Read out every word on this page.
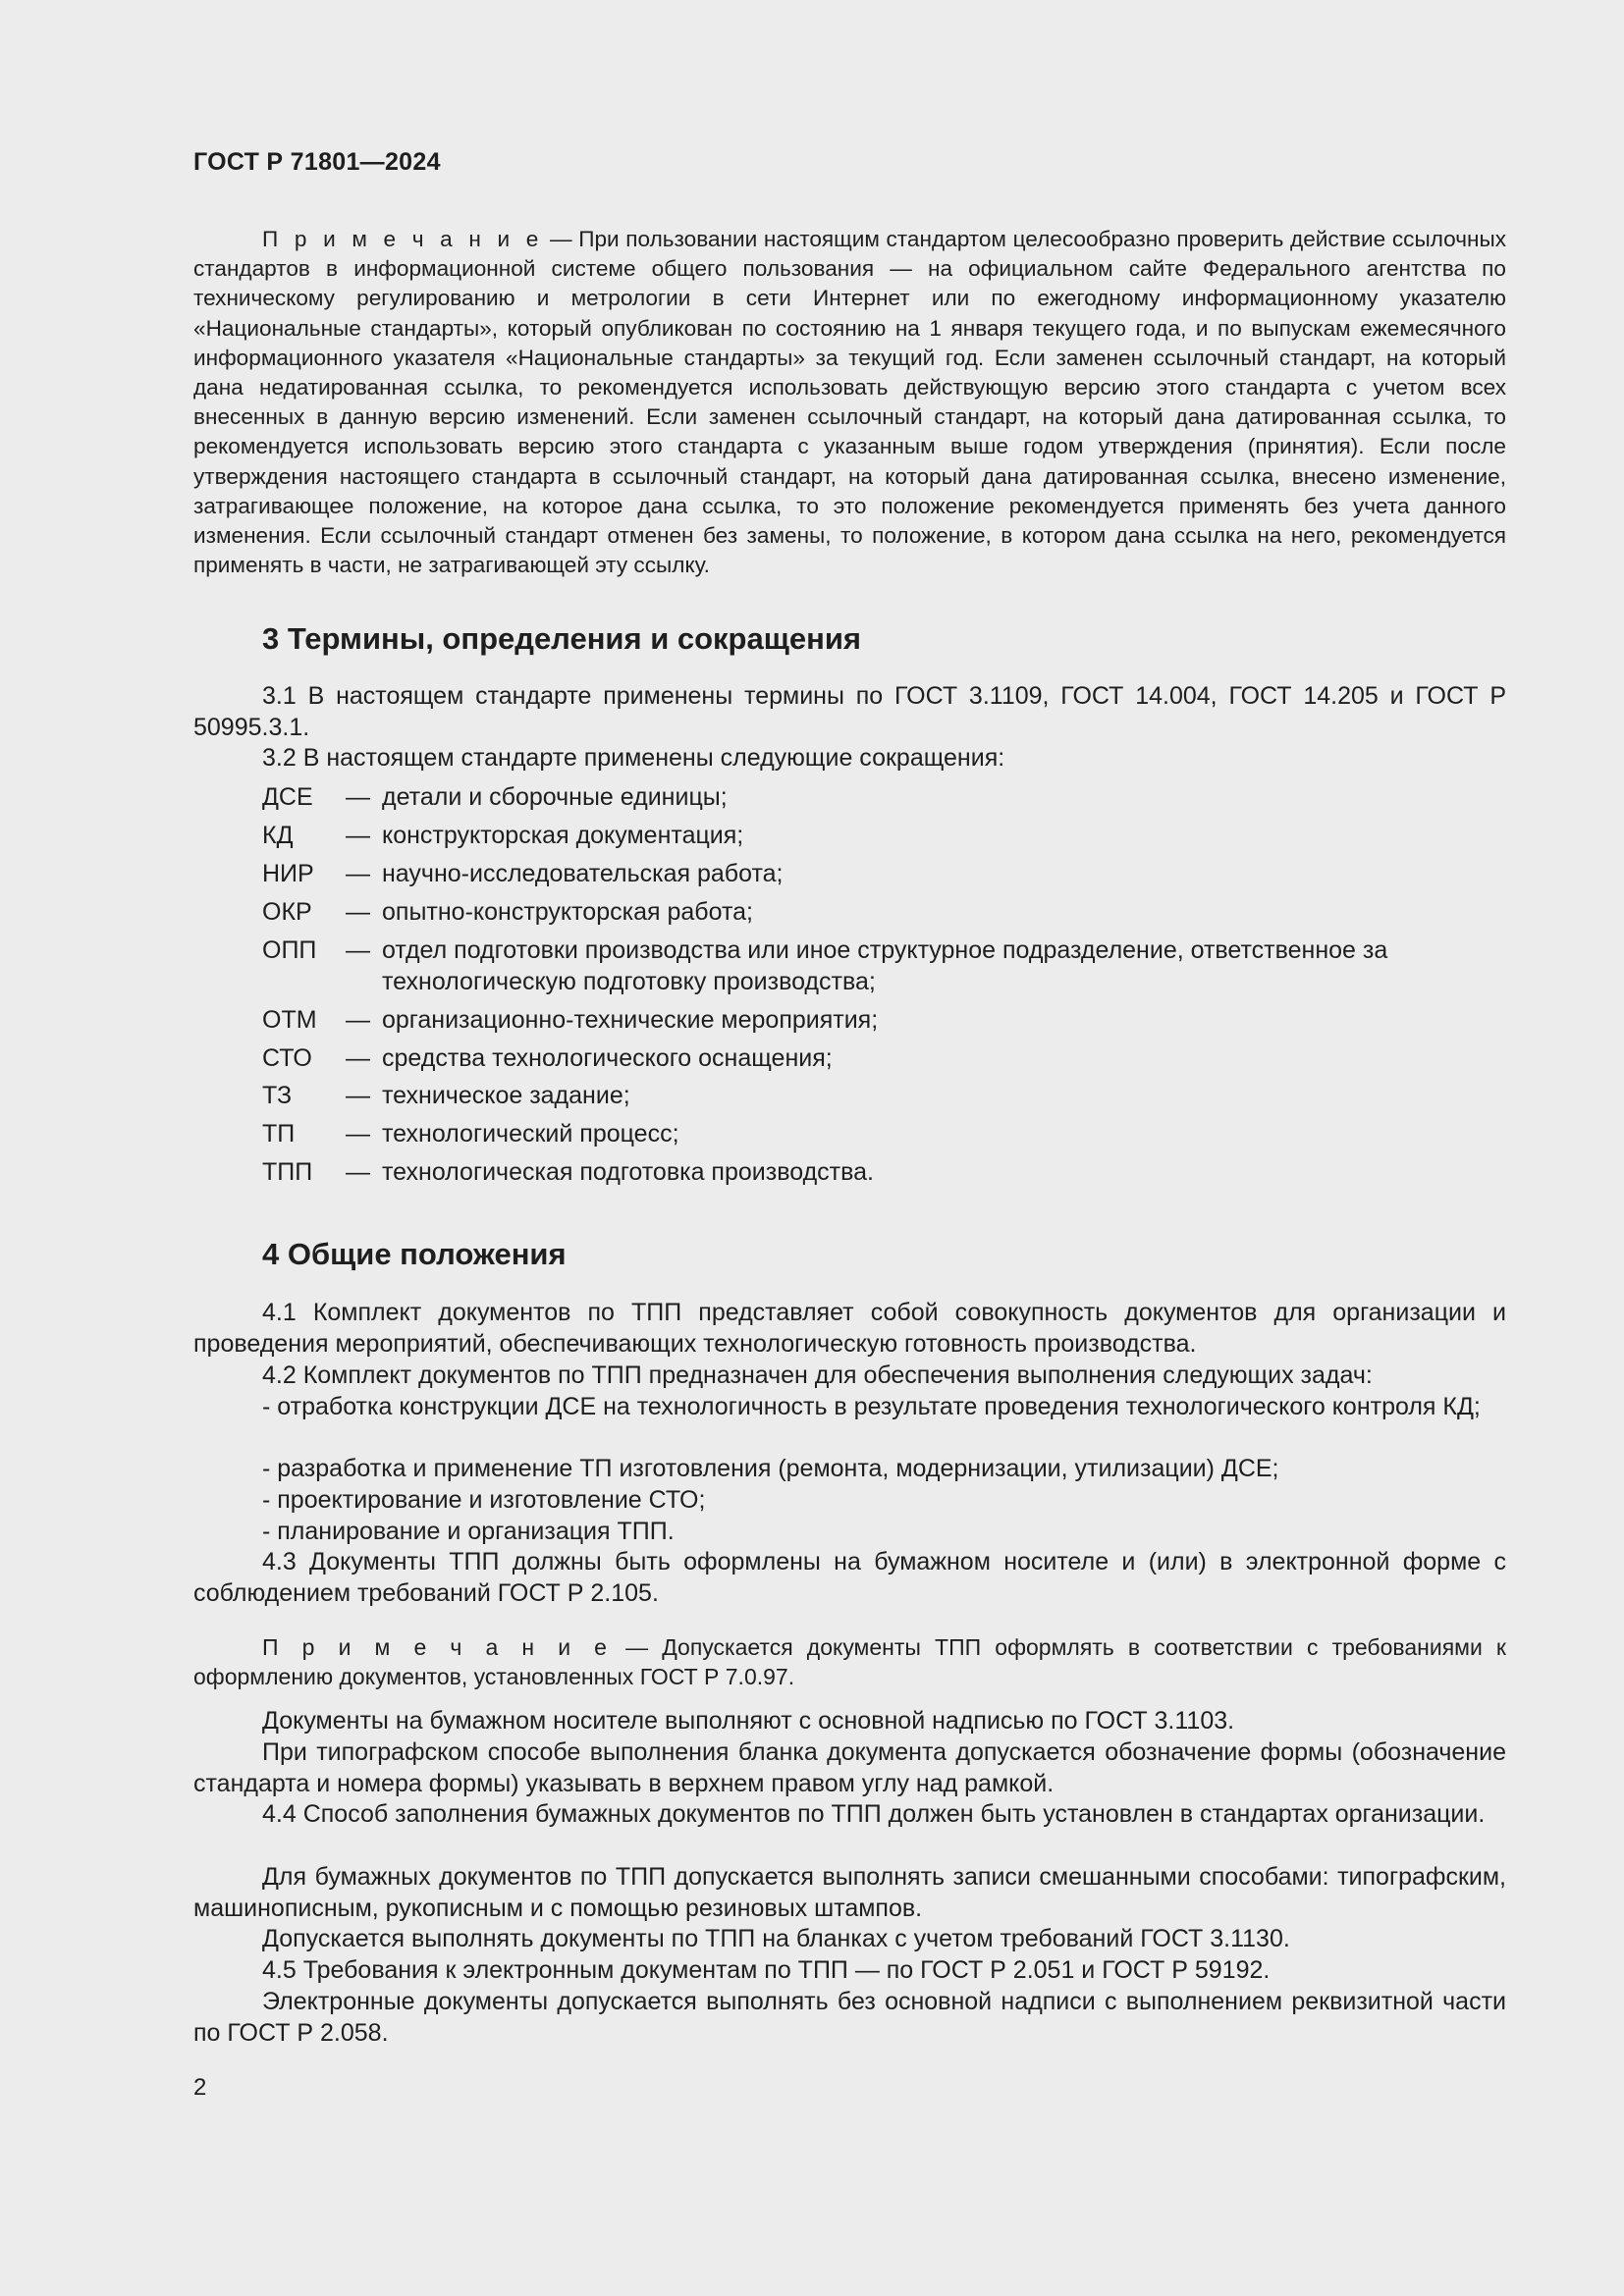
ГОСТ Р 71801—2024

П р и м е ч а н и е — При пользовании настоящим стандартом целесообразно проверить действие ссылочных стандартов в информационной системе общего пользования — на официальном сайте Федерального агентства по техническому регулированию и метрологии в сети Интернет или по ежегодному информационному указателю «Национальные стандарты», который опубликован по состоянию на 1 января текущего года, и по выпускам ежемесячного информационного указателя «Национальные стандарты» за текущий год. Если заменен ссылочный стандарт, на который дана недатированная ссылка, то рекомендуется использовать действующую версию этого стандарта с учетом всех внесенных в данную версию изменений. Если заменен ссылочный стандарт, на который дана датированная ссылка, то рекомендуется использовать версию этого стандарта с указанным выше годом утверждения (принятия). Если после утверждения настоящего стандарта в ссылочный стандарт, на который дана датированная ссылка, внесено изменение, затрагивающее положение, на которое дана ссылка, то это положение рекомендуется применять без учета данного изменения. Если ссылочный стандарт отменен без замены, то положение, в котором дана ссылка на него, рекомендуется применять в части, не затрагивающей эту ссылку.

3 Термины, определения и сокращения

3.1 В настоящем стандарте применены термины по ГОСТ 3.1109, ГОСТ 14.004, ГОСТ 14.205 и ГОСТ Р 50995.3.1.

3.2 В настоящем стандарте применены следующие сокращения:

ДСЕ	— детали и сборочные единицы;
КД	— конструкторская документация;
НИР	— научно-исследовательская работа;
ОКР	— опытно-конструкторская работа;
ОПП	— отдел подготовки производства или иное структурное подразделение, ответственное за технологическую подготовку производства;
ОТМ	— организационно-технические мероприятия;
СТО	— средства технологического оснащения;
ТЗ	— техническое задание;
ТП	— технологический процесс;
ТПП	— технологическая подготовка производства.
4 Общие положения

4.1 Комплект документов по ТПП представляет собой совокупность документов для организации и проведения мероприятий, обеспечивающих технологическую готовность производства.

4.2 Комплект документов по ТПП предназначен для обеспечения выполнения следующих задач:

- отработка конструкции ДСЕ на технологичность в результате проведения технологического контроля КД;

- разработка и применение ТП изготовления (ремонта, модернизации, утилизации) ДСЕ;

- проектирование и изготовление СТО;

- планирование и организация ТПП.

4.3 Документы ТПП должны быть оформлены на бумажном носителе и (или) в электронной форме с соблюдением требований ГОСТ Р 2.105.

П р и м е ч а н и е — Допускается документы ТПП оформлять в соответствии с требованиями к оформлению документов, установленных ГОСТ Р 7.0.97.

Документы на бумажном носителе выполняют с основной надписью по ГОСТ 3.1103.

При типографском способе выполнения бланка документа допускается обозначение формы (обозначение стандарта и номера формы) указывать в верхнем правом углу над рамкой.

4.4 Способ заполнения бумажных документов по ТПП должен быть установлен в стандартах организации.

Для бумажных документов по ТПП допускается выполнять записи смешанными способами: типографским, машинописным, рукописным и с помощью резиновых штампов.

Допускается выполнять документы по ТПП на бланках с учетом требований ГОСТ 3.1130.

4.5 Требования к электронным документам по ТПП — по ГОСТ Р 2.051 и ГОСТ Р 59192.

Электронные документы допускается выполнять без основной надписи с выполнением реквизитной части по ГОСТ Р 2.058.

2
